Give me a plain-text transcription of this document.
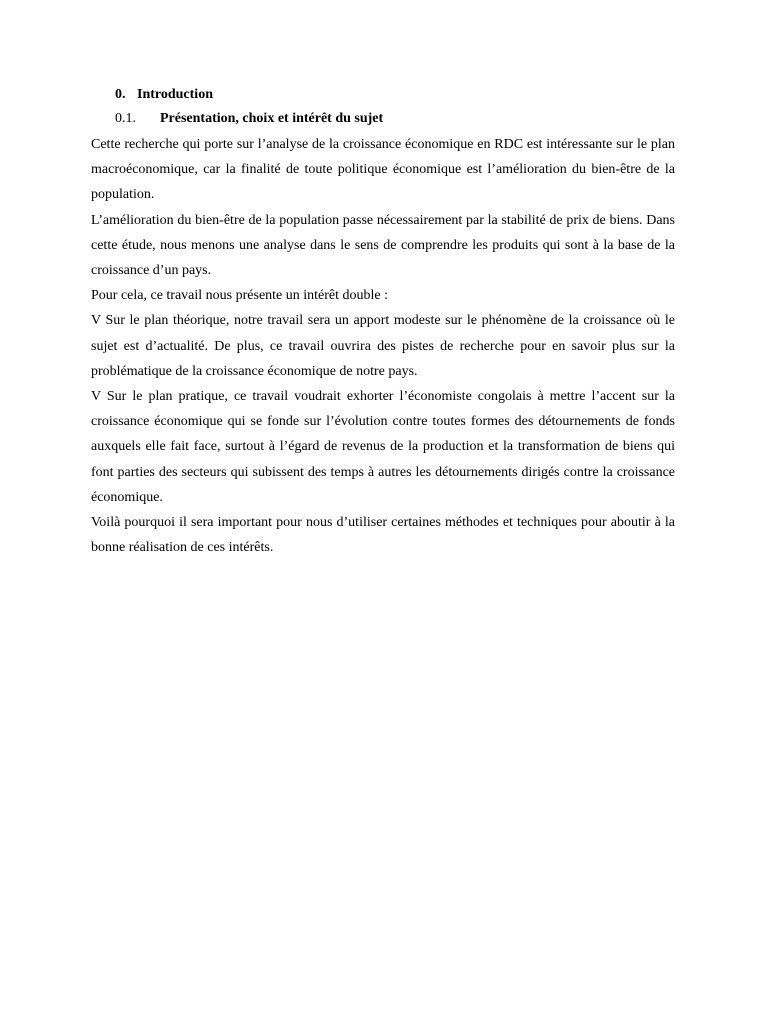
0. Introduction

0.1. Présentation, choix et intérêt du sujet

Cette recherche qui porte sur l’analyse de la croissance économique en RDC est intéressante sur le plan macroéconomique, car la finalité de toute politique économique est l’amélioration du bien-être de la population.

L’amélioration du bien-être de la population passe nécessairement par la stabilité de prix de biens. Dans cette étude, nous menons une analyse dans le sens de comprendre les produits qui sont à la base de la croissance d’un pays.

Pour cela, ce travail nous présente un intérêt double :

V Sur le plan théorique, notre travail sera un apport modeste sur le phénomène de la croissance où le sujet est d’actualité. De plus, ce travail ouvrira des pistes de recherche pour en savoir plus sur la problématique de la croissance économique de notre pays.

V Sur le plan pratique, ce travail voudrait exhorter l’économiste congolais à mettre l’accent sur la croissance économique qui se fonde sur l’évolution contre toutes formes des détournements de fonds auxquels elle fait face, surtout à l’égard de revenus de la production et la transformation de biens qui font parties des secteurs qui subissent des temps à autres les détournements dirigés contre la croissance économique.

Voilà pourquoi il sera important pour nous d’utiliser certaines méthodes et techniques pour aboutir à la bonne réalisation de ces intérêts.
